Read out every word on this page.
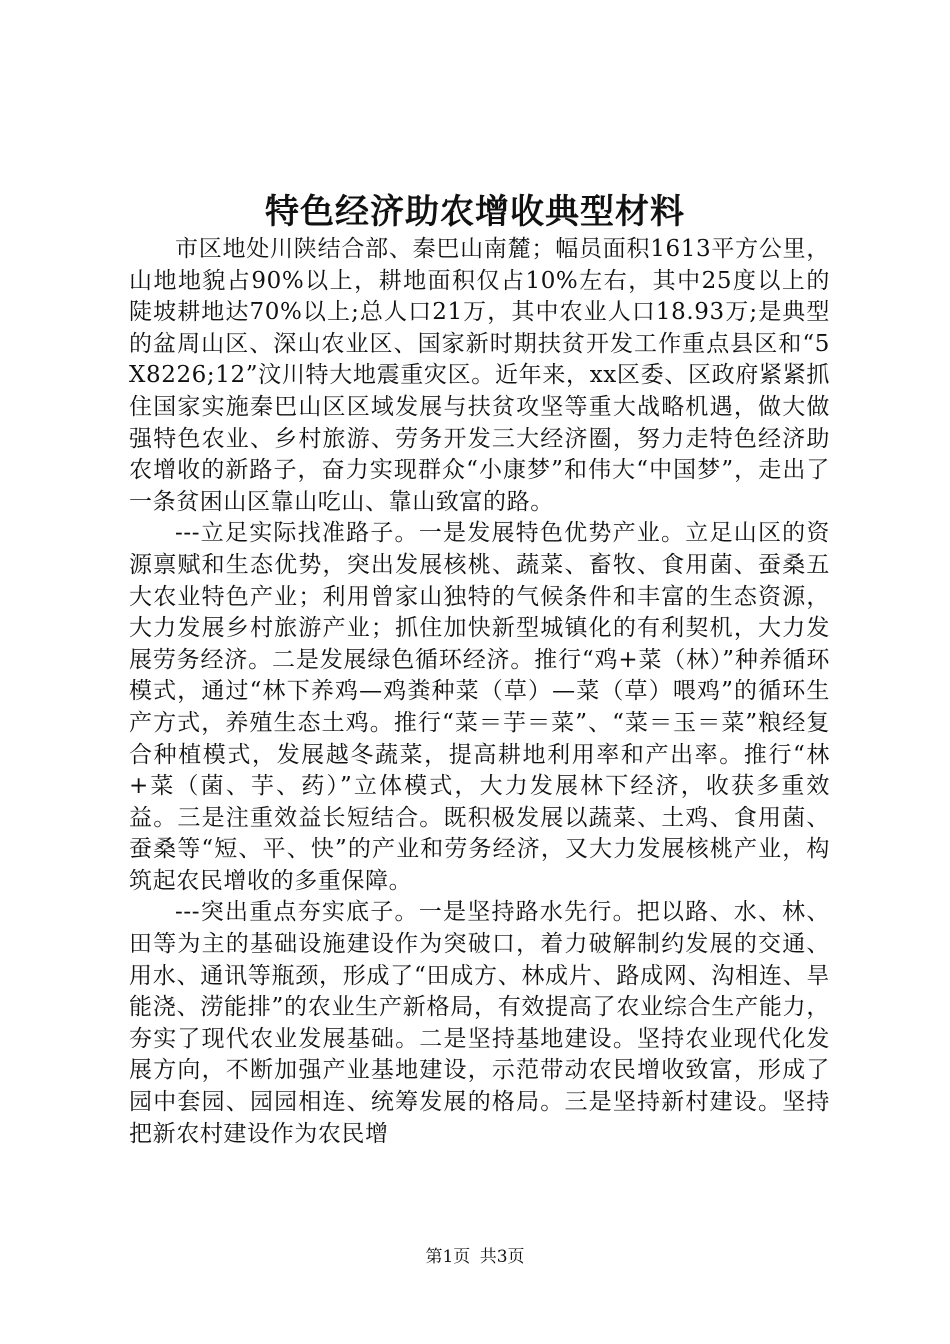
特色经济助农增收典型材料

市区地处川陕结合部、秦巴山南麓；幅员面积1613平方公里，山地地貌占90%以上，耕地面积仅占10%左右，其中25度以上的陡坡耕地达70%以上;总人口21万，其中农业人口18.93万;是典型的盆周山区、深山农业区、国家新时期扶贫开发工作重点县区和“5X8226;12”汶川特大地震重灾区。近年来，xx区委、区政府紧紧抓住国家实施秦巴山区区域发展与扶贫攻坚等重大战略机遇，做大做强特色农业、乡村旅游、劳务开发三大经济圈，努力走特色经济助农增收的新路子，奋力实现群众“小康梦”和伟大“中国梦”，走出了一条贫困山区靠山吃山、靠山致富的路。

---立足实际找准路子。一是发展特色优势产业。立足山区的资源禀赋和生态优势，突出发展核桃、蔬菜、畜牧、食用菌、蚕桑五大农业特色产业；利用曾家山独特的气候条件和丰富的生态资源，大力发展乡村旅游产业；抓住加快新型城镇化的有利契机，大力发展劳务经济。二是发展绿色循环经济。推行“鸡+菜（林）”种养循环模式，通过“林下养鸡—鸡粪种菜（草）—菜（草）喂鸡”的循环生产方式，养殖生态土鸡。推行“菜＝芋＝菜”、“菜＝玉＝菜”粮经复合种植模式，发展越冬蔬菜，提高耕地利用率和产出率。推行“林+菜（菌、芋、药）”立体模式，大力发展林下经济，收获多重效益。三是注重效益长短结合。既积极发展以蔬菜、土鸡、食用菌、蚕桑等“短、平、快”的产业和劳务经济，又大力发展核桃产业，构筑起农民增收的多重保障。

---突出重点夯实底子。一是坚持路水先行。把以路、水、林、田等为主的基础设施建设作为突破口，着力破解制约发展的交通、用水、通讯等瓶颈，形成了“田成方、林成片、路成网、沟相连、旱能浇、涝能排”的农业生产新格局，有效提高了农业综合生产能力，夯实了现代农业发展基础。二是坚持基地建设。坚持农业现代化发展方向，不断加强产业基地建设，示范带动农民增收致富，形成了园中套园、园园相连、统筹发展的格局。三是坚持新村建设。坚持把新农村建设作为农民增

第1页 共3页
